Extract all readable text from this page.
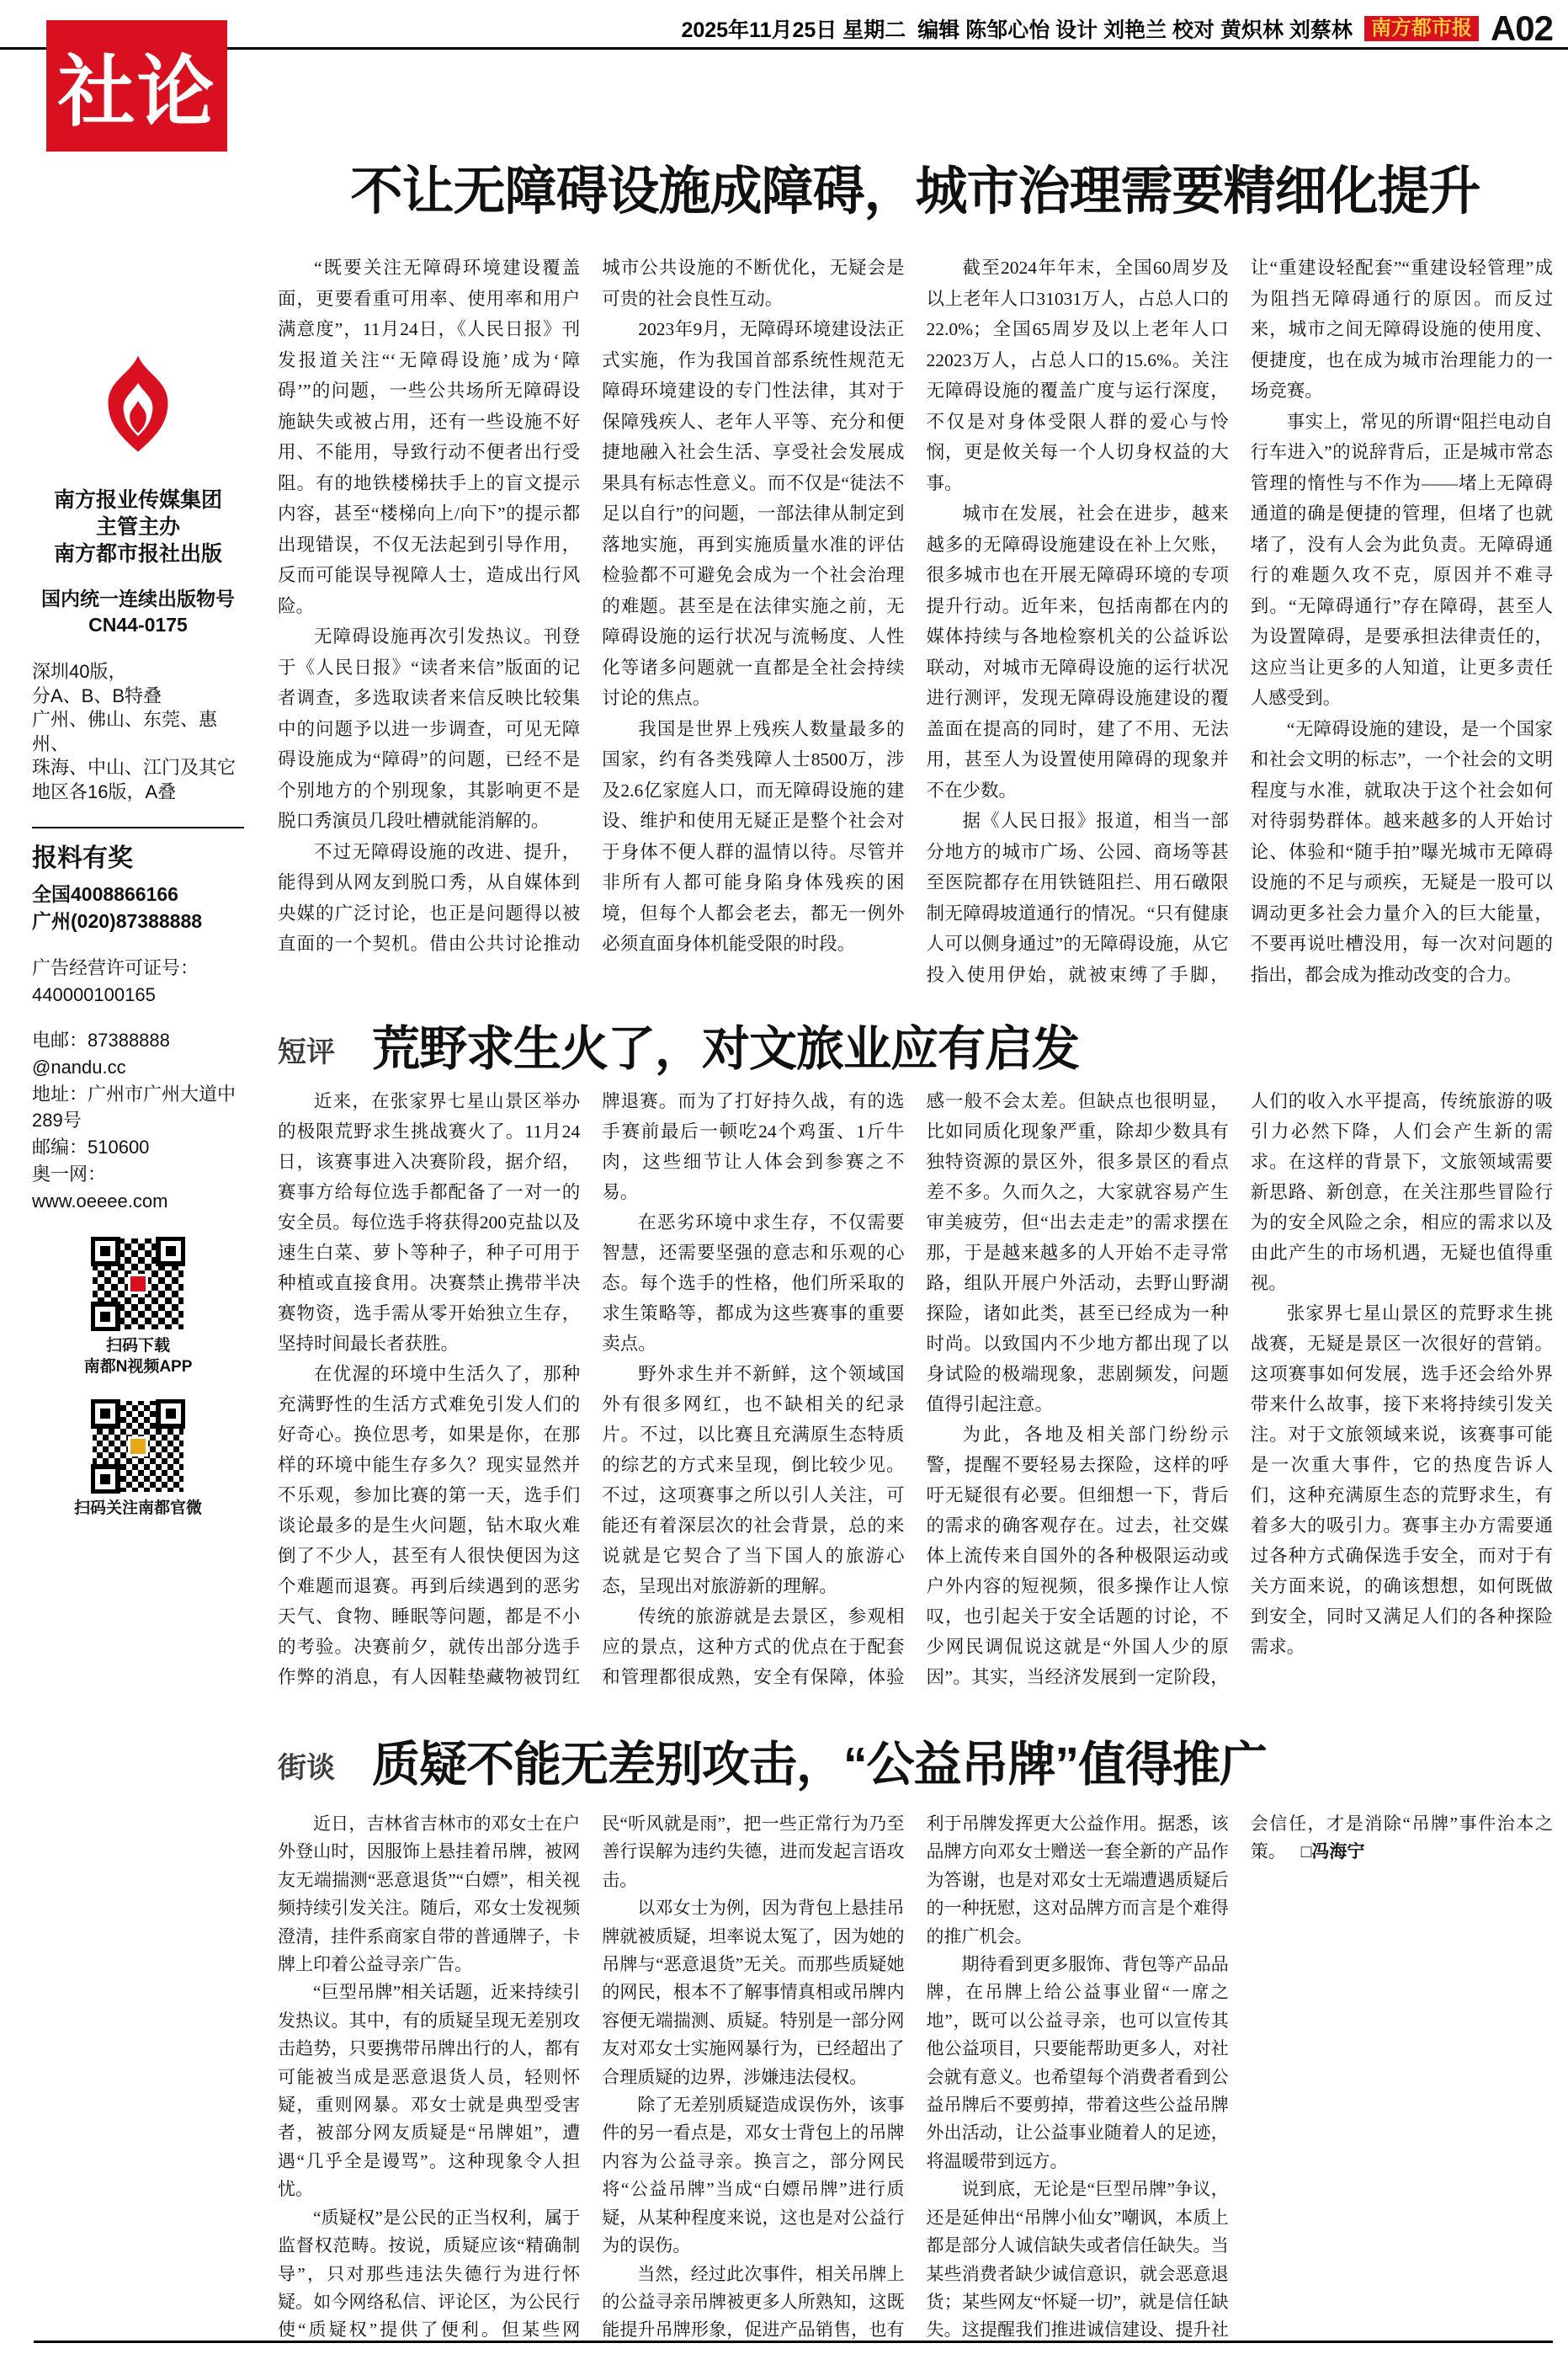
社论
2025年11月25日 星期二 编辑 陈邹心怡 设计 刘艳兰 校对 黄炽林 刘蔡林 南方都市报 A02
南方报业传媒集团
主管主办
南方都市报社出版
国内统一连续出版物号
CN44-0175
深圳40版，
分A、B、B特叠
广州、佛山、东莞、惠州、
珠海、中山、江门及其它
地区各16版，A叠
报料有奖
全国4008866166
广州(020)87388888
广告经营许可证号：
440000100165
电邮：87388888
@nandu.cc
地址：广州市广州大道中
289号
邮编：510600
奥一网：
www.oeeee.com
扫码下载
南都N视频APP
扫码关注南都官微
不让无障碍设施成障碍，城市治理需要精细化提升

“既要关注无障碍环境建设覆盖面，更要看重可用率、使用率和用户满意度”，11月24日，《人民日报》刊发报道关注“‘无障碍设施’成为‘障碍’”的问题，一些公共场所无障碍设施缺失或被占用，还有一些设施不好用、不能用，导致行动不便者出行受阻。有的地铁楼梯扶手上的盲文提示内容，甚至“楼梯向上/向下”的提示都出现错误，不仅无法起到引导作用，反而可能误导视障人士，造成出行风险。

无障碍设施再次引发热议。刊登于《人民日报》“读者来信”版面的记者调查，多选取读者来信反映比较集中的问题予以进一步调查，可见无障碍设施成为“障碍”的问题，已经不是个别地方的个别现象，其影响更不是脱口秀演员几段吐槽就能消解的。

不过无障碍设施的改进、提升，能得到从网友到脱口秀，从自媒体到央媒的广泛讨论，也正是问题得以被直面的一个契机。借由公共讨论推动城市公共设施的不断优化，无疑会是可贵的社会良性互动。

2023年9月，无障碍环境建设法正式实施，作为我国首部系统性规范无障碍环境建设的专门性法律，其对于保障残疾人、老年人平等、充分和便捷地融入社会生活、享受社会发展成果具有标志性意义。而不仅是“徒法不足以自行”的问题，一部法律从制定到落地实施，再到实施质量水准的评估检验都不可避免会成为一个社会治理的难题。甚至是在法律实施之前，无障碍设施的运行状况与流畅度、人性化等诸多问题就一直都是全社会持续讨论的焦点。

我国是世界上残疾人数量最多的国家，约有各类残障人士8500万，涉及2.6亿家庭人口，而无障碍设施的建设、维护和使用无疑正是整个社会对于身体不便人群的温情以待。尽管并非所有人都可能身陷身体残疾的困境，但每个人都会老去，都无一例外必须直面身体机能受限的时段。

截至2024年年末，全国60周岁及以上老年人口31031万人，占总人口的22.0%；全国65周岁及以上老年人口22023万人，占总人口的15.6%。关注无障碍设施的覆盖广度与运行深度，不仅是对身体受限人群的爱心与怜悯，更是攸关每一个人切身权益的大事。

城市在发展，社会在进步，越来越多的无障碍设施建设在补上欠账，很多城市也在开展无障碍环境的专项提升行动。近年来，包括南都在内的媒体持续与各地检察机关的公益诉讼联动，对城市无障碍设施的运行状况进行测评，发现无障碍设施建设的覆盖面在提高的同时，建了不用、无法用，甚至人为设置使用障碍的现象并不在少数。

据《人民日报》报道，相当一部分地方的城市广场、公园、商场等甚至医院都存在用铁链阻拦、用石礅限制无障碍坡道通行的情况。“只有健康人可以侧身通过”的无障碍设施，从它投入使用伊始，就被束缚了手脚，让“重建设轻配套”“重建设轻管理”成为阻挡无障碍通行的原因。而反过来，城市之间无障碍设施的使用度、便捷度，也在成为城市治理能力的一场竞赛。

事实上，常见的所谓“阻拦电动自行车进入”的说辞背后，正是城市常态管理的惰性与不作为——堵上无障碍通道的确是便捷的管理，但堵了也就堵了，没有人会为此负责。无障碍通行的难题久攻不克，原因并不难寻到。“无障碍通行”存在障碍，甚至人为设置障碍，是要承担法律责任的，这应当让更多的人知道，让更多责任人感受到。

“无障碍设施的建设，是一个国家和社会文明的标志”，一个社会的文明程度与水准，就取决于这个社会如何对待弱势群体。越来越多的人开始讨论、体验和“随手拍”曝光城市无障碍设施的不足与顽疾，无疑是一股可以调动更多社会力量介入的巨大能量，不要再说吐槽没用，每一次对问题的指出，都会成为推动改变的合力。

短评 荒野求生火了，对文旅业应有启发

近来，在张家界七星山景区举办的极限荒野求生挑战赛火了。11月24日，该赛事进入决赛阶段，据介绍，赛事方给每位选手都配备了一对一的安全员。每位选手将获得200克盐以及速生白菜、萝卜等种子，种子可用于种植或直接食用。决赛禁止携带半决赛物资，选手需从零开始独立生存，坚持时间最长者获胜。

在优渥的环境中生活久了，那种充满野性的生活方式难免引发人们的好奇心。换位思考，如果是你，在那样的环境中能生存多久？现实显然并不乐观，参加比赛的第一天，选手们谈论最多的是生火问题，钻木取火难倒了不少人，甚至有人很快便因为这个难题而退赛。再到后续遇到的恶劣天气、食物、睡眠等问题，都是不小的考验。决赛前夕，就传出部分选手作弊的消息，有人因鞋垫藏物被罚红牌退赛。而为了打好持久战，有的选手赛前最后一顿吃24个鸡蛋、1斤牛肉，这些细节让人体会到参赛之不易。

在恶劣环境中求生存，不仅需要智慧，还需要坚强的意志和乐观的心态。每个选手的性格，他们所采取的求生策略等，都成为这些赛事的重要卖点。

野外求生并不新鲜，这个领域国外有很多网红，也不缺相关的纪录片。不过，以比赛且充满原生态特质的综艺的方式来呈现，倒比较少见。不过，这项赛事之所以引人关注，可能还有着深层次的社会背景，总的来说就是它契合了当下国人的旅游心态，呈现出对旅游新的理解。

传统的旅游就是去景区，参观相应的景点，这种方式的优点在于配套和管理都很成熟，安全有保障，体验感一般不会太差。但缺点也很明显，比如同质化现象严重，除却少数具有独特资源的景区外，很多景区的看点差不多。久而久之，大家就容易产生审美疲劳，但“出去走走”的需求摆在那，于是越来越多的人开始不走寻常路，组队开展户外活动，去野山野湖探险，诸如此类，甚至已经成为一种时尚。以致国内不少地方都出现了以身试险的极端现象，悲剧频发，问题值得引起注意。

为此，各地及相关部门纷纷示警，提醒不要轻易去探险，这样的呼吁无疑很有必要。但细想一下，背后的需求的确客观存在。过去，社交媒体上流传来自国外的各种极限运动或户外内容的短视频，很多操作让人惊叹，也引起关于安全话题的讨论，不少网民调侃说这就是“外国人少的原因”。其实，当经济发展到一定阶段，人们的收入水平提高，传统旅游的吸引力必然下降，人们会产生新的需求。在这样的背景下，文旅领域需要新思路、新创意，在关注那些冒险行为的安全风险之余，相应的需求以及由此产生的市场机遇，无疑也值得重视。

张家界七星山景区的荒野求生挑战赛，无疑是景区一次很好的营销。这项赛事如何发展，选手还会给外界带来什么故事，接下来将持续引发关注。对于文旅领域来说，该赛事可能是一次重大事件，它的热度告诉人们，这种充满原生态的荒野求生，有着多大的吸引力。赛事主办方需要通过各种方式确保选手安全，而对于有关方面来说，的确该想想，如何既做到安全，同时又满足人们的各种探险需求。

街谈 质疑不能无差别攻击，“公益吊牌”值得推广

近日，吉林省吉林市的邓女士在户外登山时，因服饰上悬挂着吊牌，被网友无端揣测“恶意退货”“白嫖”，相关视频持续引发关注。随后，邓女士发视频澄清，挂件系商家自带的普通牌子，卡牌上印着公益寻亲广告。

“巨型吊牌”相关话题，近来持续引发热议。其中，有的质疑呈现无差别攻击趋势，只要携带吊牌出行的人，都有可能被当成是恶意退货人员，轻则怀疑，重则网暴。邓女士就是典型受害者，被部分网友质疑是“吊牌姐”，遭遇“几乎全是谩骂”。这种现象令人担忧。

“质疑权”是公民的正当权利，属于监督权范畴。按说，质疑应该“精确制导”，只对那些违法失德行为进行怀疑。如今网络私信、评论区，为公民行使“质疑权”提供了便利。但某些网民“听风就是雨”，把一些正常行为乃至善行误解为违约失德，进而发起言语攻击。

以邓女士为例，因为背包上悬挂吊牌就被质疑，坦率说太冤了，因为她的吊牌与“恶意退货”无关。而那些质疑她的网民，根本不了解事情真相或吊牌内容便无端揣测、质疑。特别是一部分网友对邓女士实施网暴行为，已经超出了合理质疑的边界，涉嫌违法侵权。

除了无差别质疑造成误伤外，该事件的另一看点是，邓女士背包上的吊牌内容为公益寻亲。换言之，部分网民将“公益吊牌”当成“白嫖吊牌”进行质疑，从某种程度来说，这也是对公益行为的误伤。

当然，经过此次事件，相关吊牌上的公益寻亲吊牌被更多人所熟知，这既能提升吊牌形象，促进产品销售，也有利于吊牌发挥更大公益作用。据悉，该品牌方向邓女士赠送一套全新的产品作为答谢，也是对邓女士无端遭遇质疑后的一种抚慰，这对品牌方而言是个难得的推广机会。

期待看到更多服饰、背包等产品品牌，在吊牌上给公益事业留“一席之地”，既可以公益寻亲，也可以宣传其他公益项目，只要能帮助更多人，对社会就有意义。也希望每个消费者看到公益吊牌后不要剪掉，带着这些公益吊牌外出活动，让公益事业随着人的足迹，将温暖带到远方。

说到底，无论是“巨型吊牌”争议，还是延伸出“吊牌小仙女”嘲讽，本质上都是部分人诚信缺失或者信任缺失。当某些消费者缺少诚信意识，就会恶意退货；某些网友“怀疑一切”，就是信任缺失。这提醒我们推进诚信建设、提升社会信任，才是消除“吊牌”事件治本之策。 □冯海宁
